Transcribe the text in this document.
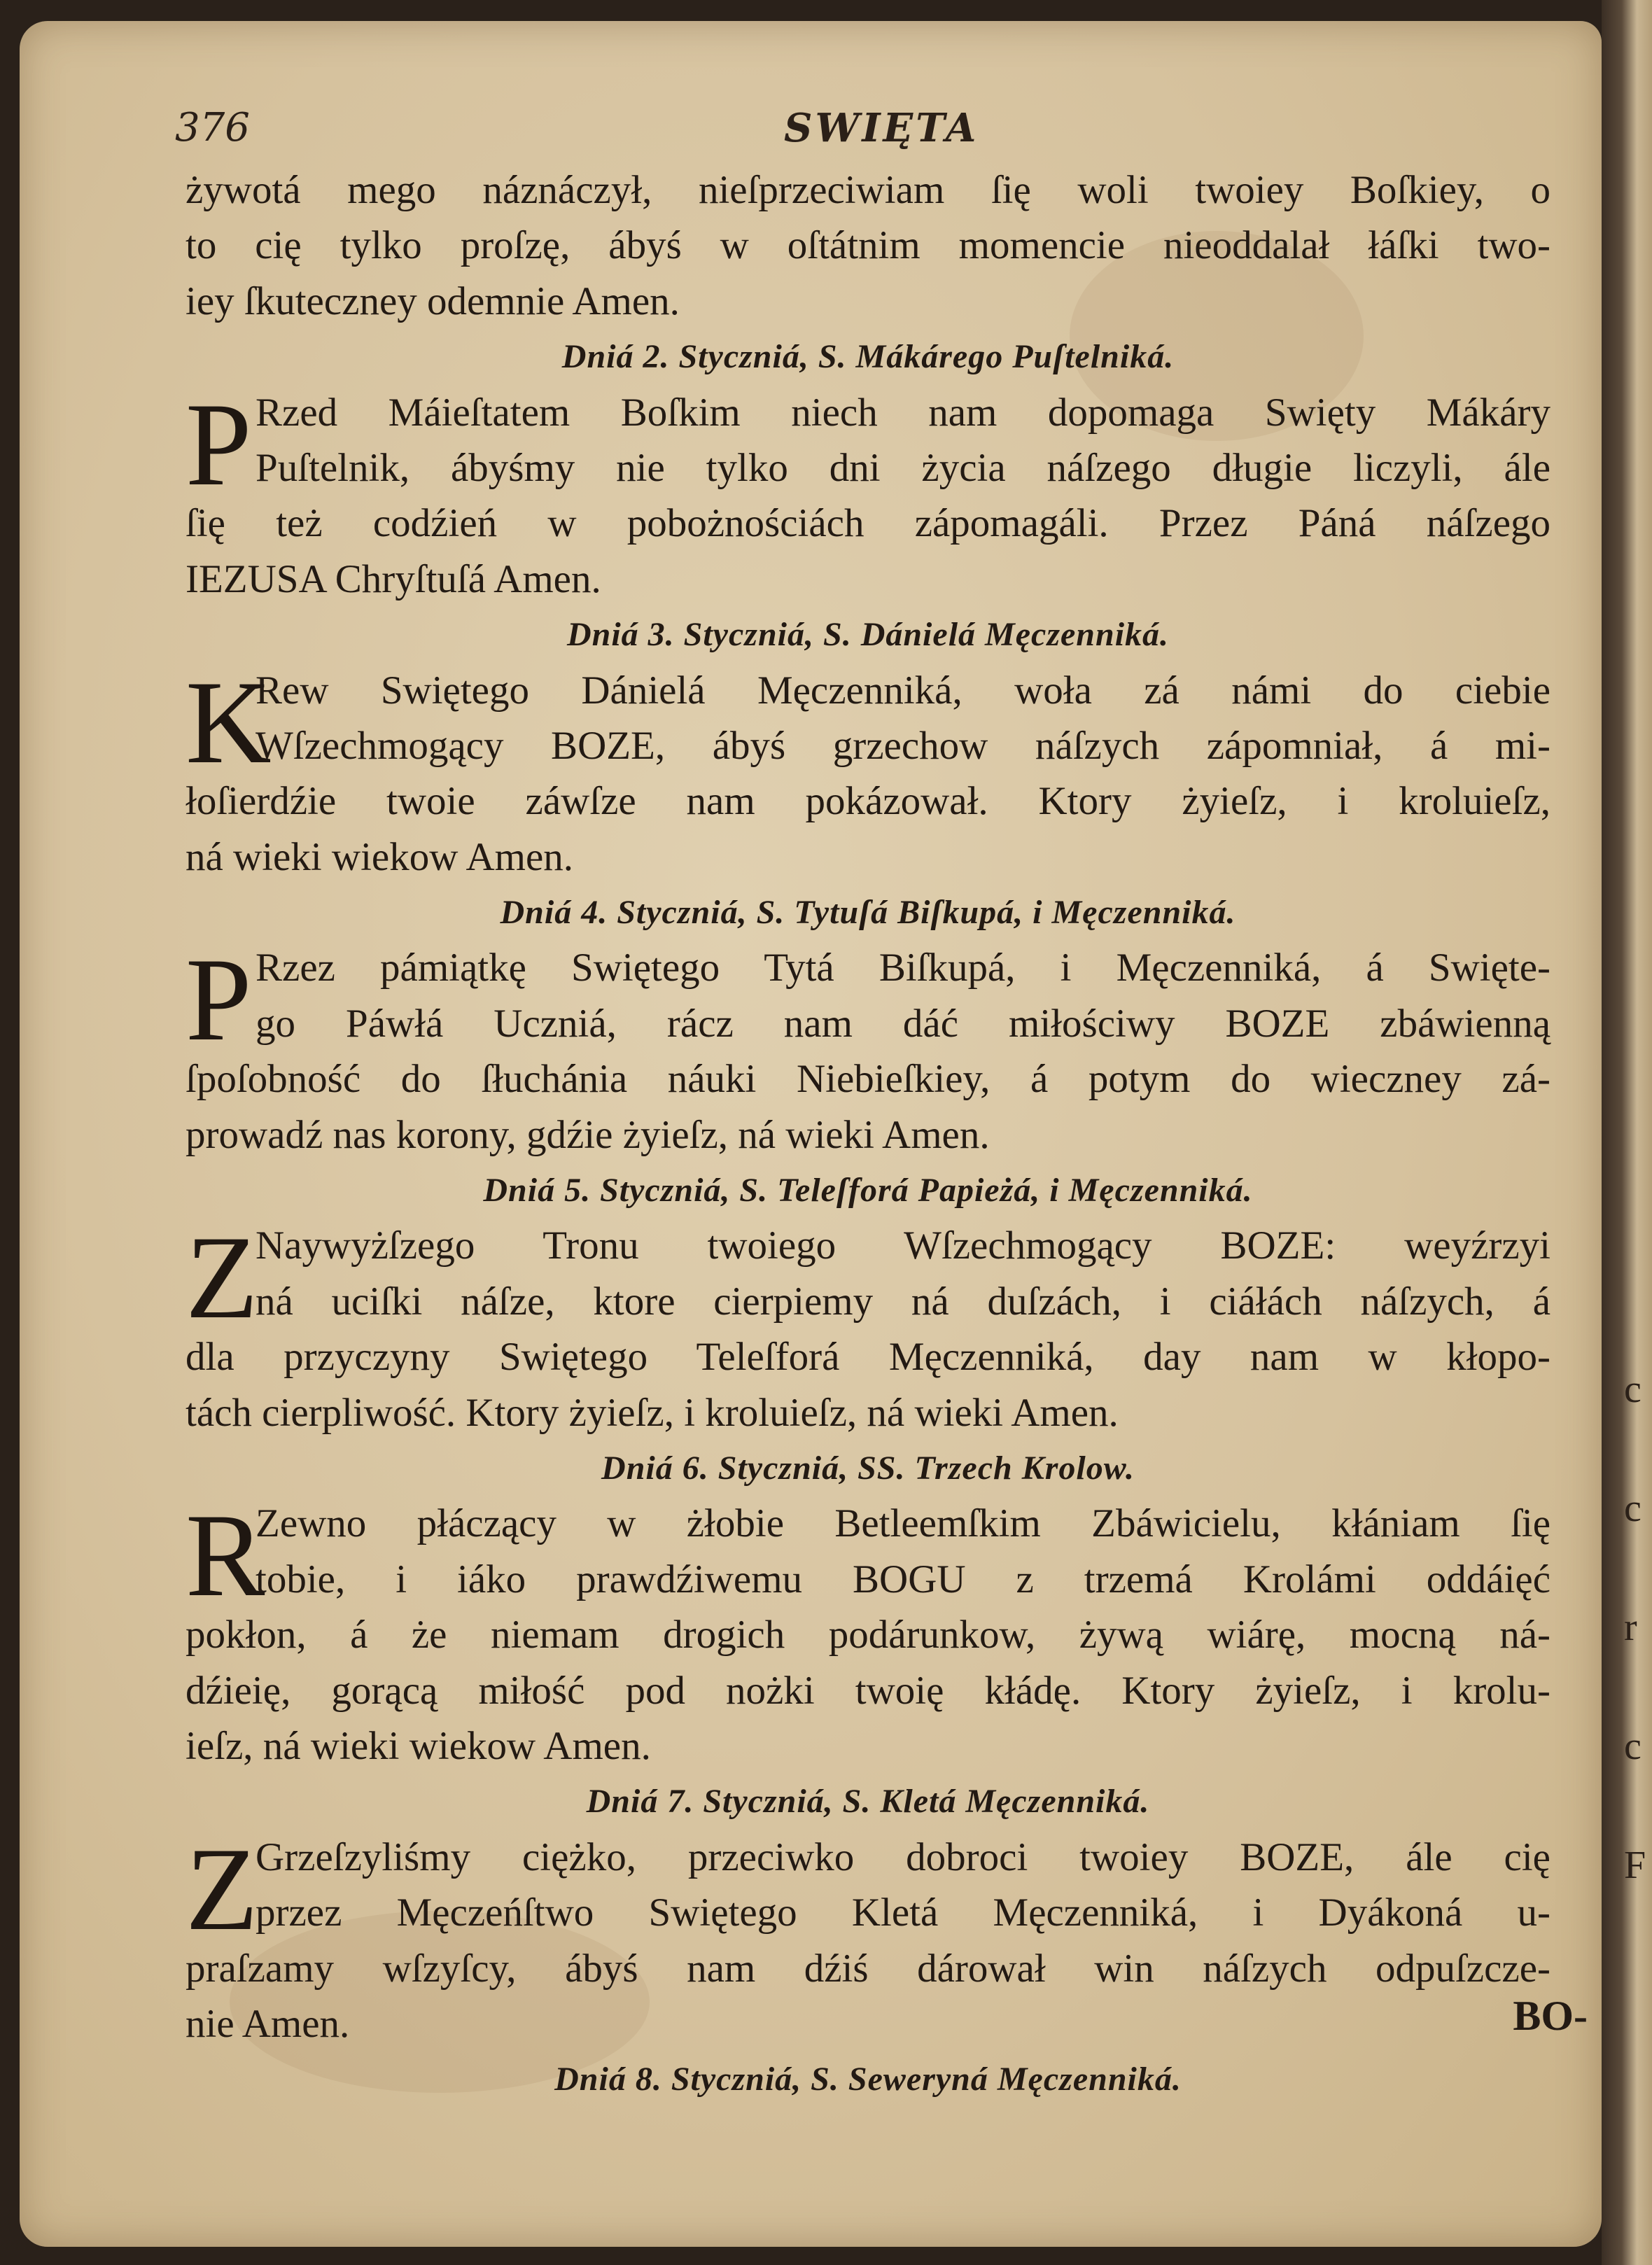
c
c
r
c
F
376	SWIĘTA
żywotá mego náznáczył, nieſprzeciwiam ſię woli twoiey Boſkiey, o
to cię tylko proſzę, ábyś w oſtátnim momencie nieoddalał łáſki two-
iey ſkuteczney odemnie Amen.
Dniá 2. Styczniá, S. Mákárego Puſtelniká.
P Rzed Máieſtatem Boſkim niech nam dopomaga Swięty Mákáry
Puſtelnik, ábyśmy nie tylko dni życia náſzego długie liczyli, ále
ſię też codźień w pobożnościách zápomagáli. Przez Páná náſzego
IEZUSA Chryſtuſá Amen.
Dniá 3. Styczniá, S. Dánielá Męczenniká.
K
Rew Swiętego Dánielá Męczenniká, woła zá námi do ciebie
Wſzechmogący BOZE, ábyś grzechow náſzych zápomniał, á mi-
łoſierdźie twoie záwſze nam pokázował. Ktory żyieſz, i kroluieſz,
ná wieki wiekow Amen.
Dniá 4. Styczniá, S. Tytuſá Biſkupá, i Męczenniká.
P Rzez pámiątkę Swiętego Tytá Biſkupá, i Męczenniká, á Swięte-
go Páwłá Uczniá, rácz nam dáć miłościwy BOZE zbáwienną
ſpoſobność do ſłuchánia náuki Niebieſkiey, á potym do wieczney zá-
prowadź nas korony, gdźie żyieſz, ná wieki Amen.
Dniá 5. Styczniá, S. Teleſforá Papieżá, i Męczenniká.
Z
Naywyżſzego Tronu twoiego Wſzechmogący BOZE: weyźrzyi
ná uciſki náſze, ktore cierpiemy ná duſzách, i ciáłách náſzych, á
dla przyczyny Swiętego Teleſforá Męczenniká, day nam w kłopo-
tách cierpliwość. Ktory żyieſz, i kroluieſz, ná wieki Amen.
Dniá 6. Styczniá, SS. Trzech Krolow.
R
Zewno płáczący w żłobie Betleemſkim Zbáwicielu, kłániam ſię
tobie, i iáko prawdźiwemu BOGU z trzemá Krolámi oddáięć
pokłon, á że niemam drogich podárunkow, żywą wiárę, mocną ná-
dźieię, gorącą miłość pod nożki twoię kłádę. Ktory żyieſz, i krolu-
ieſz, ná wieki wiekow Amen.
Dniá 7. Styczniá, S. Kletá Męczenniká.
Z
Grzeſzyliśmy ciężko, przeciwko dobroci twoiey BOZE, ále cię
przez Męczeńſtwo Swiętego Kletá Męczenniká, i Dyákoná u-
praſzamy wſzyſcy, ábyś nam dźiś dárował win náſzych odpuſzcze-
nie Amen.
Dniá 8. Styczniá, S. Seweryná Męczenniká.
BO-
